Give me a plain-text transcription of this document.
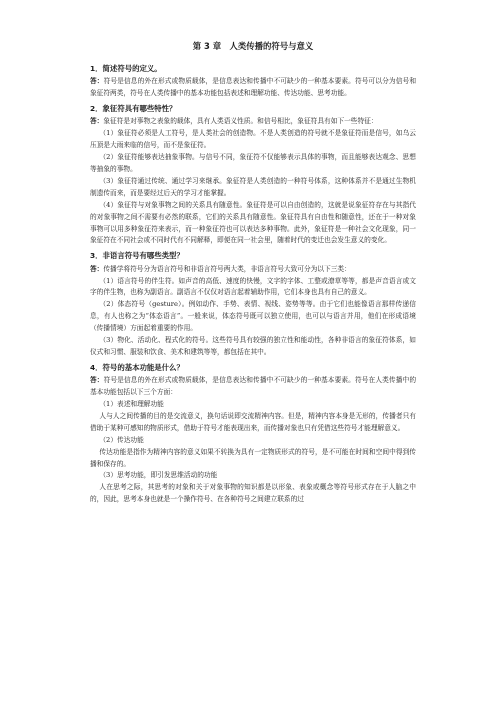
第 3 章　人类传播的符号与意义
1．简述符号的定义。

答：符号是信息的外在形式或物质载体，是信息表达和传播中不可缺少的一种基本要素。符号可以分为信号和象征符两类，符号在人类传播中的基本功能包括表述和理解功能、传达功能、思考功能。

2．象征符具有哪些特性？

答：象征符是对事物之表象的载体，具有人类语义性质。和信号相比，象征符具有如下一些特征：

（1）象征符必须是人工符号，是人类社会的创造物。不是人类创造的符号就不是象征符而是信号，如乌云压顶是大雨来临的信号，而不是象征符。

（2）象征符能够表达抽象事物。与信号不同，象征符不仅能够表示具体的事物，而且能够表达观念、思想等抽象的事物。

（3）象征符通过传统、通过学习来继承。象征符是人类创造的一种符号体系，这种体系并不是通过生物机制遗传而来，而是要经过后天的学习才能掌握。

（4）象征符与对象事物之间的关系具有随意性。象征符是可以自由创造的，这就是说象征符存在与其指代的对象事物之间不需要有必然的联系，它们的关系具有随意性。象征符具有自由性和随意性，还在于一种对象事物可以用多种象征符来表示，而一种象征符也可以表达多种事物。此外，象征符是一种社会文化现象，同一象征符在不同社会或不同时代有不同解释，即便在同一社会里，随着时代的变迁也会发生意义的变化。

3．非语言符号有哪些类型？

答：传播学将符号分为语言符号和非语言符号两大类，非语言符号大致可分为以下三类：

（1）语言符号的伴生符。如声音的高低、速度的快慢，文字的字体、工整或潦草等等，都是声音语言或文字的伴生物，也称为副语言。副语言不仅仅对语言起着辅助作用，它们本身也具有自己的意义。

（2）体态符号（gesture）。例如动作、手势、表情、视线、姿势等等。由于它们也能像语言那样传递信息，有人也称之为“体态语言”。一般来说，体态符号既可以独立使用，也可以与语言并用，他们在形成语境（传播情境）方面起着重要的作用。

（3）物化、活动化、程式化的符号。这些符号具有较强的独立性和能动性，各种非语言的象征符体系，如仪式和习惯、服装和饮食、美术和建筑等等，都包括在其中。

4．符号的基本功能是什么？

答：符号是信息的外在形式或物质载体，是信息表达和传播中不可缺少的一种基本要素。符号在人类传播中的基本功能包括以下三个方面：

（1）表述和理解功能

人与人之间传播的目的是交流意义，换句话说即交流精神内容。但是，精神内容本身是无形的，传播者只有借助于某种可感知的物质形式，借助于符号才能表现出来，而传播对象也只有凭借这些符号才能理解意义。

（2）传达功能

传达功能是指作为精神内容的意义如果不转换为具有一定物质形式的符号，是不可能在时间和空间中得到传播和保存的。

（3）思考功能，即引发思维活动的功能

人在思考之际，其思考的对象和关于对象事物的知识都是以形象、表象或概念等符号形式存在于人脑之中的，因此，思考本身也就是一个操作符号、在各种符号之间建立联系的过
